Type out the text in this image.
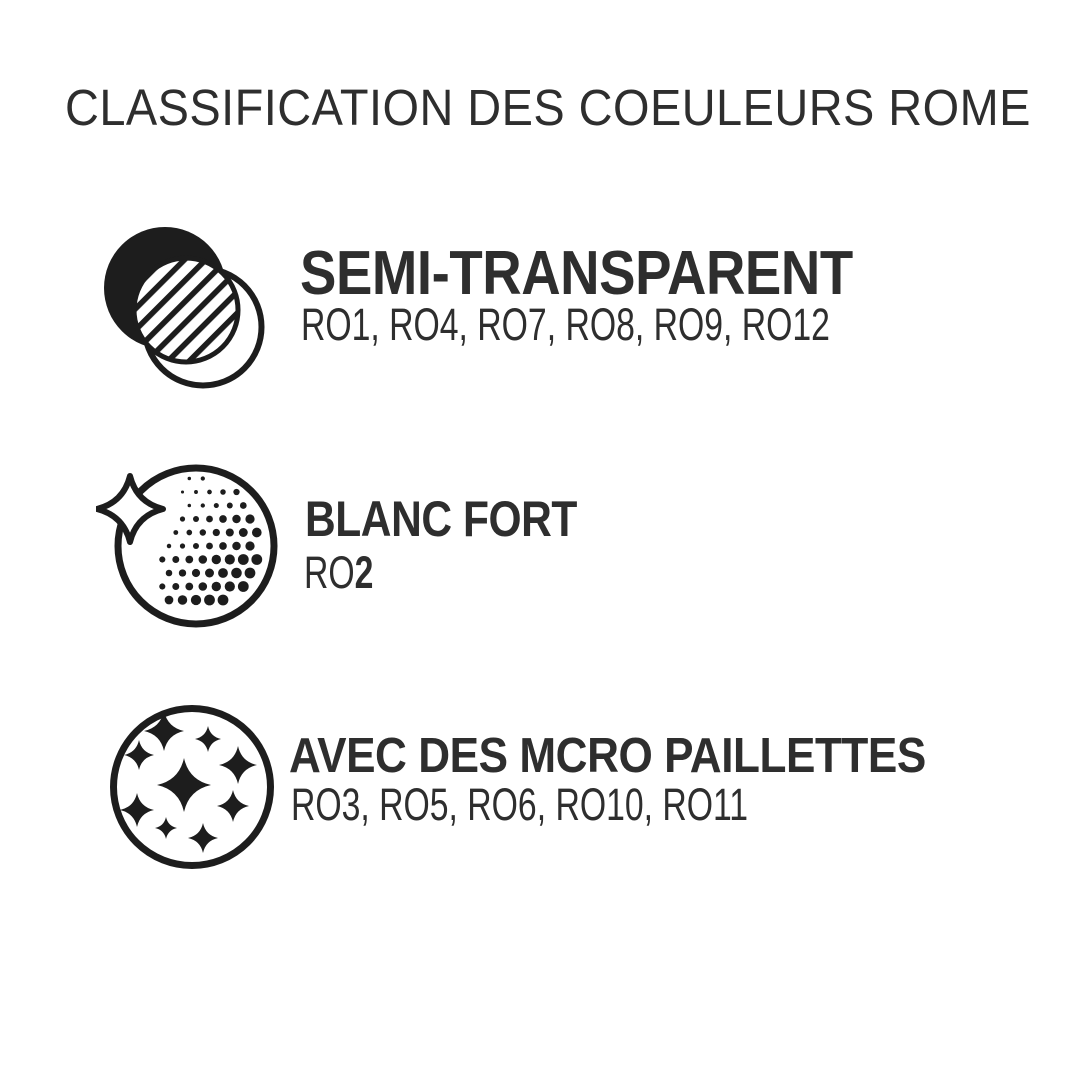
CLASSIFICATION DES COEULEURS ROME
SEMI-TRANSPARENT
RO1, RO4, RO7, RO8, RO9, RO12
BLANC FORT
RO2
AVEC DES MCRO PAILLETTES
RO3, RO5, RO6, RO10, RO11
